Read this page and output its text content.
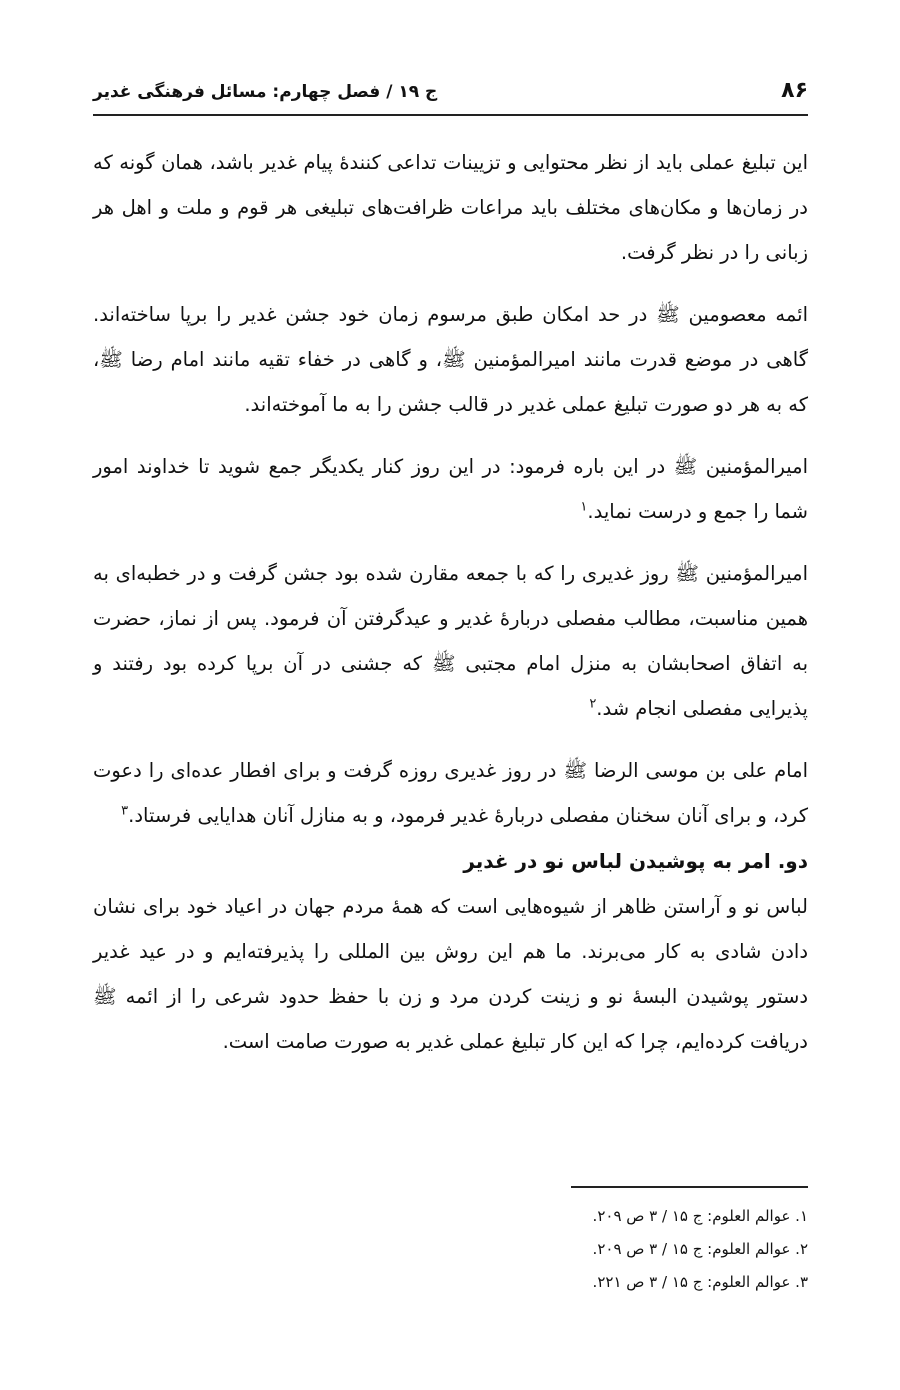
۸۶
ج ۱۹ / فصل چهارم: مسائل فرهنگی غدیر

این تبلیغ عملی باید از نظر محتوایی و تزیینات تداعی کنندۀ پیام غدیر باشد، همان گونه که در زمان‌ها و مکان‌های مختلف باید مراعات ظرافت‌های تبلیغی هر قوم و ملت و اهل هر زبانی را در نظر گرفت.

ائمه معصومین ﷺ در حد امکان طبق مرسوم زمان خود جشن غدیر را برپا ساخته‌اند. گاهی در موضع قدرت مانند امیرالمؤمنین ﷺ، و گاهی در خفاء تقیه مانند امام رضا ﷺ، که به هر دو صورت تبلیغ عملی غدیر در قالب جشن را به ما آموخته‌اند.

امیرالمؤمنین ﷺ در این باره فرمود: در این روز کنار یکدیگر جمع شوید تا خداوند امور شما را جمع و درست نماید.$^۱$

امیرالمؤمنین ﷺ روز غدیری را که با جمعه مقارن شده بود جشن گرفت و در خطبه‌ای به همین مناسبت، مطالب مفصلی دربارۀ غدیر و عیدگرفتن آن فرمود. پس از نماز، حضرت به اتفاق اصحابشان به منزل امام مجتبی ﷺ که جشنی در آن برپا کرده بود رفتند و پذیرایی مفصلی انجام شد.$^۲$

امام علی بن موسی الرضا ﷺ در روز غدیری روزه گرفت و برای افطار عده‌ای را دعوت کرد، و برای آنان سخنان مفصلی دربارۀ غدیر فرمود، و به منازل آنان هدایایی فرستاد.$^۳$

دو. امر به پوشیدن لباس نو در غدیر

لباس نو و آراستن ظاهر از شیوه‌هایی است که همۀ مردم جهان در اعیاد خود برای نشان دادن شادی به کار می‌برند. ما هم این روش بین المللی را پذیرفته‌ایم و در عید غدیر دستور پوشیدن البسۀ نو و زینت کردن مرد و زن با حفظ حدود شرعی را از ائمه ﷺ دریافت کرده‌ایم، چرا که این کار تبلیغ عملی غدیر به صورت صامت است.

۱. عوالم العلوم: ج ۱۵ / ۳ ص ۲۰۹.

۲. عوالم العلوم: ج ۱۵ / ۳ ص ۲۰۹.

۳. عوالم العلوم: ج ۱۵ / ۳ ص ۲۲۱.
